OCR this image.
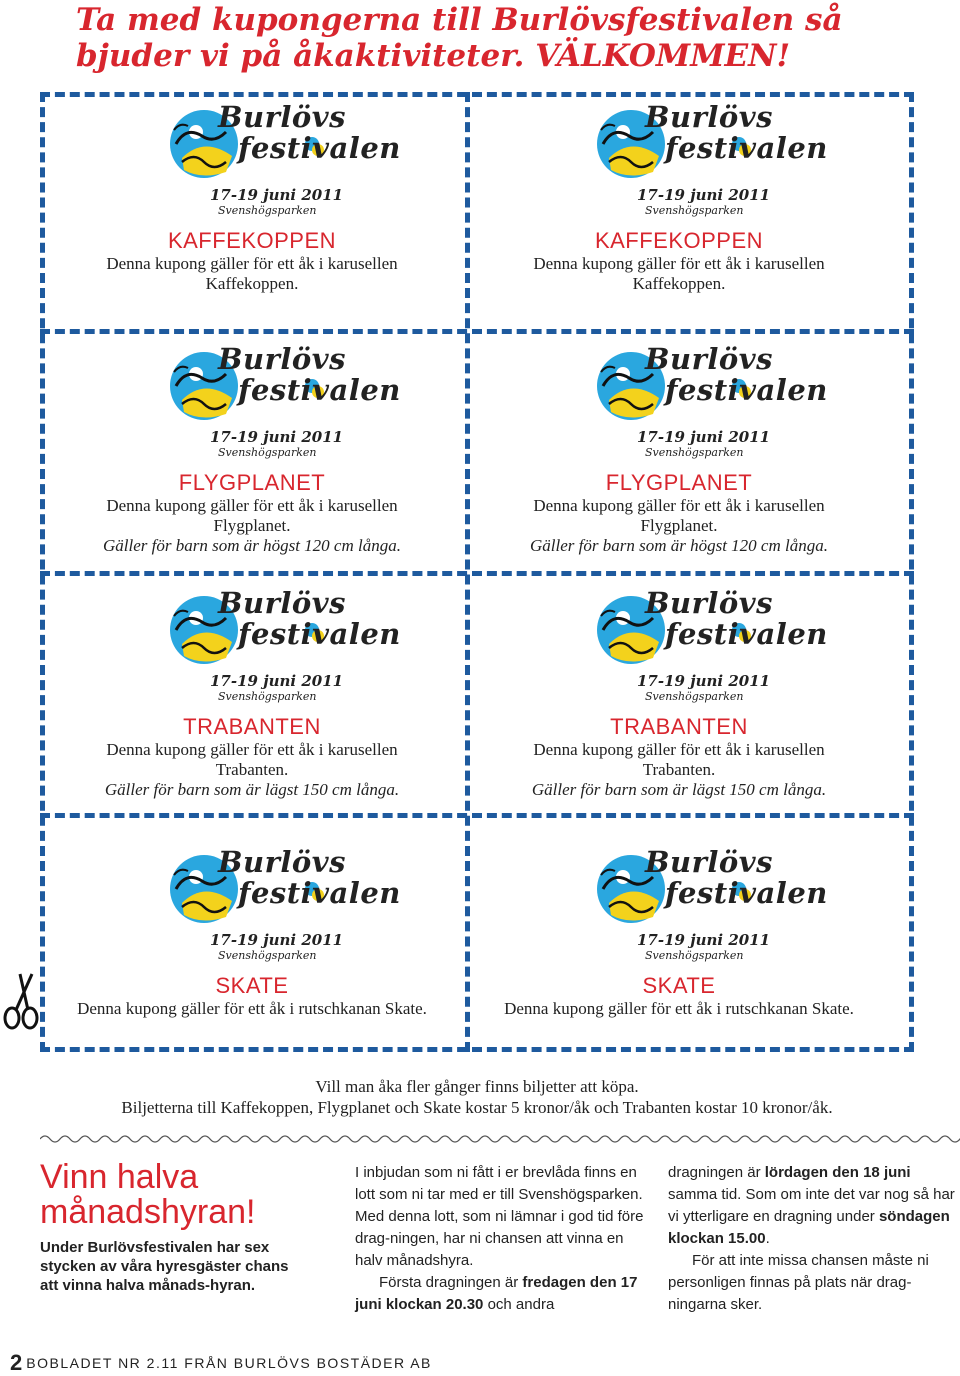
Ta med kupongerna till Burlövsfestivalen så bjuder vi på åkaktiviteter. VÄLKOMMEN!
Burlövs
festivalen
17-19 juni 2011
Svenshögsparken
KAFFEKOPPEN
Denna kupong gäller för ett åk i karusellen
Kaffekoppen.
Burlövs
festivalen
17-19 juni 2011
Svenshögsparken
KAFFEKOPPEN
Denna kupong gäller för ett åk i karusellen
Kaffekoppen.
Burlövs
festivalen
17-19 juni 2011
Svenshögsparken
FLYGPLANET
Denna kupong gäller för ett åk i karusellen
Flygplanet.
Gäller för barn som är högst 120 cm långa.
Burlövs
festivalen
17-19 juni 2011
Svenshögsparken
FLYGPLANET
Denna kupong gäller för ett åk i karusellen
Flygplanet.
Gäller för barn som är högst 120 cm långa.
Burlövs
festivalen
17-19 juni 2011
Svenshögsparken
TRABANTEN
Denna kupong gäller för ett åk i karusellen
Trabanten.
Gäller för barn som är lägst 150 cm långa.
Burlövs
festivalen
17-19 juni 2011
Svenshögsparken
TRABANTEN
Denna kupong gäller för ett åk i karusellen
Trabanten.
Gäller för barn som är lägst 150 cm långa.
Burlövs
festivalen
17-19 juni 2011
Svenshögsparken
SKATE
Denna kupong gäller för ett åk i rutschkanan Skate.
Burlövs
festivalen
17-19 juni 2011
Svenshögsparken
SKATE
Denna kupong gäller för ett åk i rutschkanan Skate.
Vill man åka fler gånger finns biljetter att köpa.
Biljetterna till Kaffekoppen, Flygplanet och Skate kostar 5 kronor/åk och Trabanten kostar 10 kronor/åk.
Vinn halva månadshyran!
Under Burlövsfestivalen har sex stycken av våra hyresgäster chans att vinna halva månads-hyran.
I inbjudan som ni fått i er brevlåda finns en lott som ni tar med er till Svenshögsparken. Med denna lott, som ni lämnar i god tid före drag-ningen, har ni chansen att vinna en halv månadshyra.
Första dragningen är fredagen den 17 juni klockan 20.30 och andra
dragningen är lördagen den 18 juni samma tid. Som om inte det var nog så har vi ytterligare en dragning under söndagen klockan 15.00.
För att inte missa chansen måste ni personligen finnas på plats när drag-ningarna sker.
2 BOBLADET NR 2.11 FRÅN BURLÖVS BOSTÄDER AB
